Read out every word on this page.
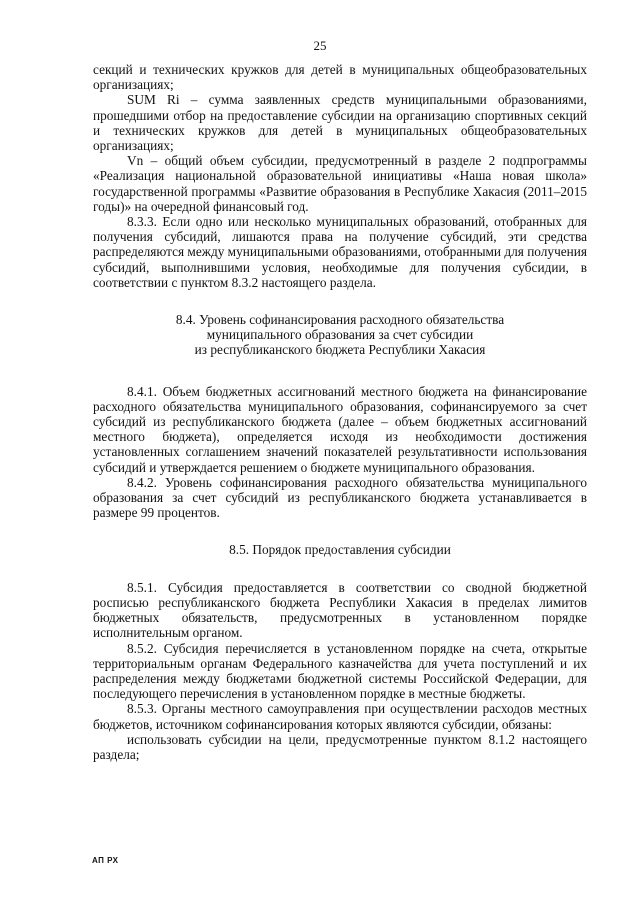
25

секций и технических кружков для детей в муниципальных общеобразовательных организациях;

SUM Ri – сумма заявленных средств муниципальными образованиями, прошедшими отбор на предоставление субсидии на организацию спортивных секций и технических кружков для детей в муниципальных общеобразовательных организациях;

Vn – общий объем субсидии, предусмотренный в разделе 2 подпрограммы «Реализация национальной образовательной инициативы «Наша новая школа» государственной программы «Развитие образования в Республике Хакасия (2011–2015 годы)» на очередной финансовый год.

8.3.3. Если одно или несколько муниципальных образований, отобранных для получения субсидий, лишаются права на получение субсидий, эти средства распределяются между муниципальными образованиями, отобранными для получения субсидий, выполнившими условия, необходимые для получения субсидии, в соответствии с пунктом 8.3.2 настоящего раздела.

8.4. Уровень софинансирования расходного обязательства

муниципального образования за счет субсидии

из республиканского бюджета Республики Хакасия

8.4.1. Объем бюджетных ассигнований местного бюджета на финансирование расходного обязательства муниципального образования, софинансируемого за счет субсидий из республиканского бюджета (далее – объем бюджетных ассигнований местного бюджета), определяется исходя из необходимости достижения установленных соглашением значений показателей результативности использования субсидий и утверждается решением о бюджете муниципального образования.

8.4.2. Уровень софинансирования расходного обязательства муниципального образования за счет субсидий из республиканского бюджета устанавливается в размере 99 процентов.

8.5. Порядок предоставления субсидии

8.5.1. Субсидия предоставляется в соответствии со сводной бюджетной росписью республиканского бюджета Республики Хакасия в пределах лимитов бюджетных обязательств, предусмотренных в установленном порядке исполнительным органом.

8.5.2. Субсидия перечисляется в установленном порядке на счета, открытые территориальным органам Федерального казначейства для учета поступлений и их распределения между бюджетами бюджетной системы Российской Федерации, для последующего перечисления в установленном порядке в местные бюджеты.

8.5.3. Органы местного самоуправления при осуществлении расходов местных бюджетов, источником софинансирования которых являются субсидии, обязаны:

использовать субсидии на цели, предусмотренные пунктом 8.1.2 настоящего раздела;

АП РХ
